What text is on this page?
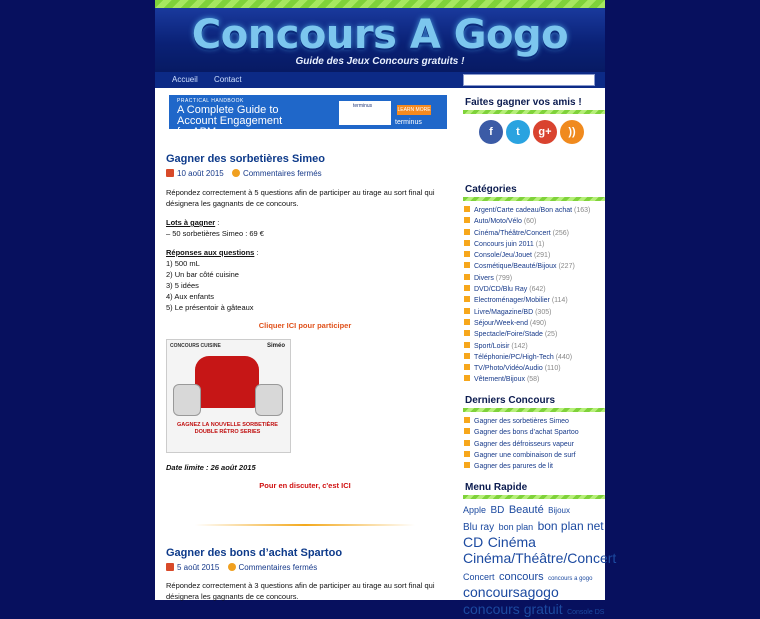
Concours A Gogo
Guide des Jeux Concours gratuits !
Accueil Contact
PRACTICAL HANDBOOK
A Complete Guide to Account Engagement for ABM
terminus
LEARN MORE
terminus
Gagner des sorbetières Simeo
10 août 2015 Commentaires fermés
Répondez correctement à 5 questions afin de participer au tirage au sort final qui désignera les gagnants de ce concours.
Lots à gagner :
– 50 sorbetières Simeo : 69 €
Réponses aux questions :
1) 500 mL
2) Un bar côté cuisine
3) 5 idées
4) Aux enfants
5) Le présentoir à gâteaux
Cliquer ICI pour participer
CONCOURS CUISINE	Siméo
GAGNEZ LA NOUVELLE SORBETIÈRE
DOUBLE RÉTRO SERIES
Date limite : 26 août 2015
Pour en discuter, c'est ICI
Gagner des bons d’achat Spartoo
5 août 2015 Commentaires fermés
Répondez correctement à 3 questions afin de participer au tirage au sort final qui désignera les gagnants de ce concours.
Faites gagner vos amis !
f	t	g+	))
Catégories
Argent/Carte cadeau/Bon achat (163)
Auto/Moto/Vélo (60)
Cinéma/Théâtre/Concert (256)
Concours juin 2011 (1)
Console/Jeu/Jouet (291)
Cosmétique/Beauté/Bijoux (227)
Divers (799)
DVD/CD/Blu Ray (642)
Electroménager/Mobilier (114)
Livre/Magazine/BD (305)
Séjour/Week-end (490)
Spectacle/Foire/Stade (25)
Sport/Loisir (142)
Téléphonie/PC/High-Tech (440)
TV/Photo/Vidéo/Audio (110)
Vêtement/Bijoux (58)
Derniers Concours
Gagner des sorbetières Simeo
Gagner des bons d’achat Spartoo
Gagner des défroisseurs vapeur
Gagner une combinaison de surf
Gagner des parures de lit
Menu Rapide
Apple BD Beauté Bijoux Blu ray bon plan bon plan net CD Cinéma Cinéma/Théâtre/Concert Concert concours concours a gogo concoursagogo concours gratuit Console DS
